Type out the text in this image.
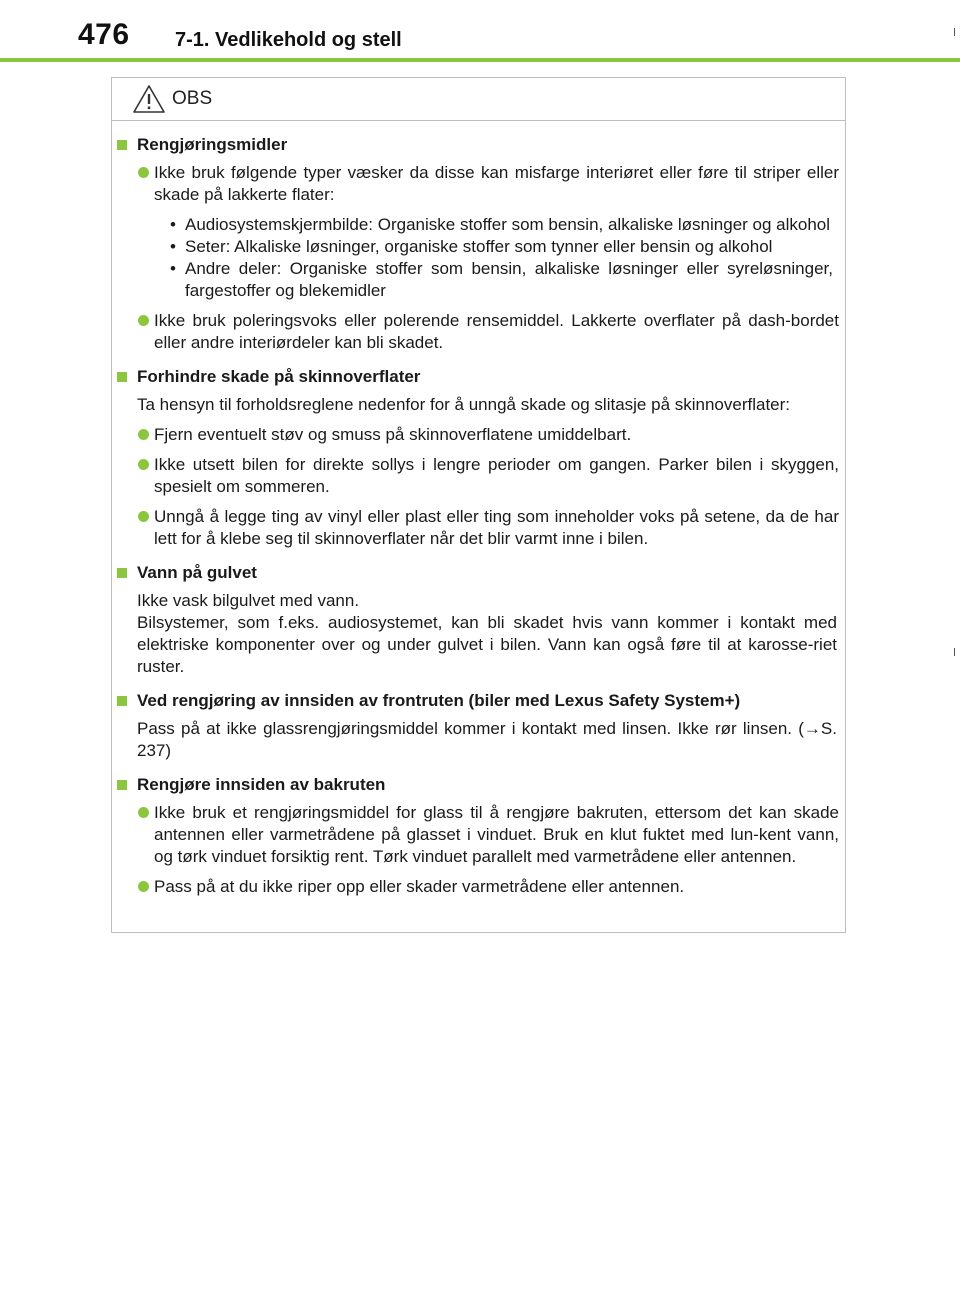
476 7-1. Vedlikehold og stell
OBS
Rengjøringsmidler
Ikke bruk følgende typer væsker da disse kan misfarge interiøret eller føre til striper eller skade på lakkerte flater:
• Audiosystemskjermbilde: Organiske stoffer som bensin, alkaliske løsninger og alkohol
• Seter: Alkaliske løsninger, organiske stoffer som tynner eller bensin og alkohol
• Andre deler: Organiske stoffer som bensin, alkaliske løsninger eller syreløsninger, fargestoffer og blekemidler
Ikke bruk poleringsvoks eller polerende rensemiddel. Lakkerte overflater på dash-bordet eller andre interiørdeler kan bli skadet.
Forhindre skade på skinnoverflater
Ta hensyn til forholdsreglene nedenfor for å unngå skade og slitasje på skinnoverflater:
Fjern eventuelt støv og smuss på skinnoverflatene umiddelbart.
Ikke utsett bilen for direkte sollys i lengre perioder om gangen. Parker bilen i skyggen, spesielt om sommeren.
Unngå å legge ting av vinyl eller plast eller ting som inneholder voks på setene, da de har lett for å klebe seg til skinnoverflater når det blir varmt inne i bilen.
Vann på gulvet
Ikke vask bilgulvet med vann.
Bilsystemer, som f.eks. audiosystemet, kan bli skadet hvis vann kommer i kontakt med elektriske komponenter over og under gulvet i bilen. Vann kan også føre til at karosse-riet ruster.
Ved rengjøring av innsiden av frontruten (biler med Lexus Safety System+)
Pass på at ikke glassrengjøringsmiddel kommer i kontakt med linsen. Ikke rør linsen. (→S. 237)
Rengjøre innsiden av bakruten
Ikke bruk et rengjøringsmiddel for glass til å rengjøre bakruten, ettersom det kan skade antennen eller varmetrådene på glasset i vinduet. Bruk en klut fuktet med lun-kent vann, og tørk vinduet forsiktig rent. Tørk vinduet parallelt med varmetrådene eller antennen.
Pass på at du ikke riper opp eller skader varmetrådene eller antennen.
